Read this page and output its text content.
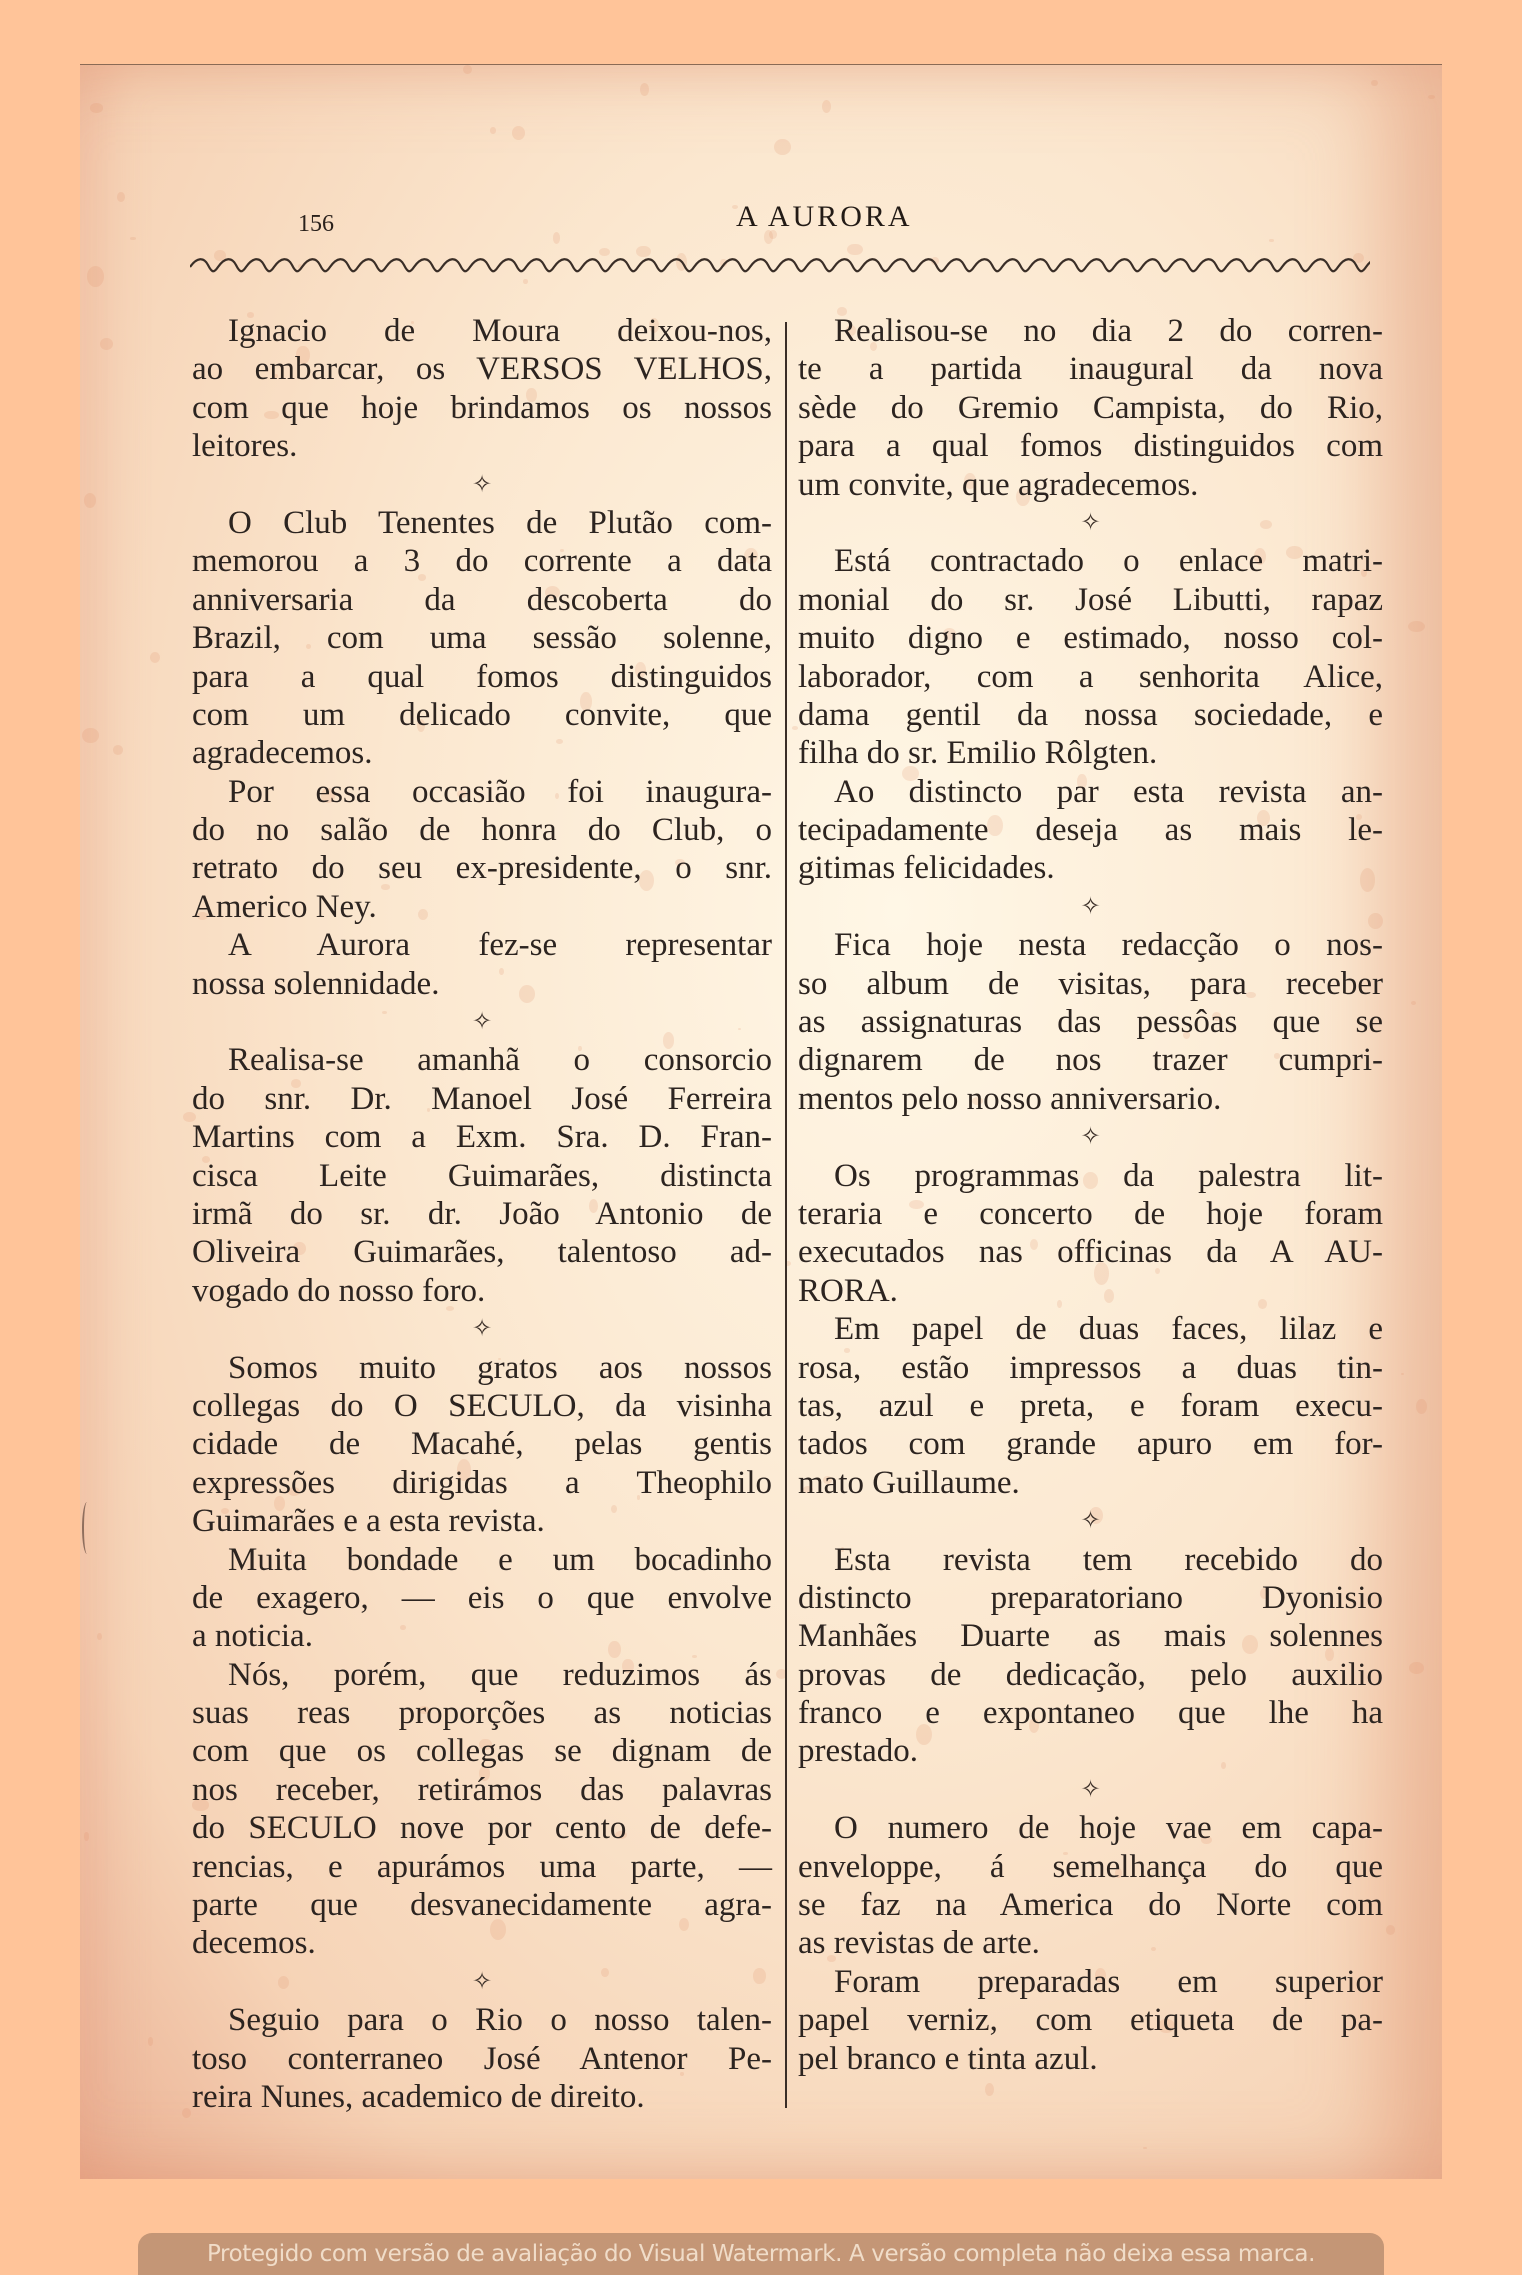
156	A AURORA
Ignacio de Moura deixou-nos,
ao embarcar, os VERSOS VELHOS,
com que hoje brindamos os nossos
leitores.
✧
O Club Tenentes de Plutão com-
memorou a 3 do corrente a data
anniversaria da descoberta do
Brazil, com uma sessão solenne,
para a qual fomos distinguidos
com um delicado convite, que
agradecemos.
Por essa occasião foi inaugura-
do no salão de honra do Club, o
retrato do seu ex-presidente, o snr.
Americo Ney.
A Aurora fez-se representar
nossa solennidade.
✧
Realisa-se amanhã o consorcio
do snr. Dr. Manoel José Ferreira
Martins com a Exm. Sra. D. Fran-
cisca Leite Guimarães, distincta
irmã do sr. dr. João Antonio de
Oliveira Guimarães, talentoso ad-
vogado do nosso foro.
✧
Somos muito gratos aos nossos
collegas do O SECULO, da visinha
cidade de Macahé, pelas gentis
expressões dirigidas a Theophilo
Guimarães e a esta revista.
Muita bondade e um bocadinho
de exagero, — eis o que envolve
a noticia.
Nós, porém, que reduzimos ás
suas reas proporções as noticias
com que os collegas se dignam de
nos receber, retirámos das palavras
do SECULO nove por cento de defe-
rencias, e apurámos uma parte, —
parte que desvanecidamente agra-
decemos.
✧
Seguio para o Rio o nosso talen-
toso conterraneo José Antenor Pe-
reira Nunes, academico de direito.
Realisou-se no dia 2 do corren-
te a partida inaugural da nova
sède do Gremio Campista, do Rio,
para a qual fomos distinguidos com
um convite, que agradecemos.
✧
Está contractado o enlace matri-
monial do sr. José Libutti, rapaz
muito digno e estimado, nosso col-
laborador, com a senhorita Alice,
dama gentil da nossa sociedade, e
filha do sr. Emilio Rôlgten.
Ao distincto par esta revista an-
tecipadamente deseja as mais le-
gitimas felicidades.
✧
Fica hoje nesta redacção o nos-
so album de visitas, para receber
as assignaturas das pessôas que se
dignarem de nos trazer cumpri-
mentos pelo nosso anniversario.
✧
Os programmas da palestra lit-
teraria e concerto de hoje foram
executados nas officinas da A AU-
RORA.
Em papel de duas faces, lilaz e
rosa, estão impressos a duas tin-
tas, azul e preta, e foram execu-
tados com grande apuro em for-
mato Guillaume.
✧
Esta revista tem recebido do
distincto preparatoriano Dyonisio
Manhães Duarte as mais solennes
provas de dedicação, pelo auxilio
franco e expontaneo que lhe ha
prestado.
✧
O numero de hoje vae em capa-
enveloppe, á semelhança do que
se faz na America do Norte com
as revistas de arte.
Foram preparadas em superior
papel verniz, com etiqueta de pa-
pel branco e tinta azul.
Protegido com versão de avaliação do Visual Watermark. A versão completa não deixa essa marca.
